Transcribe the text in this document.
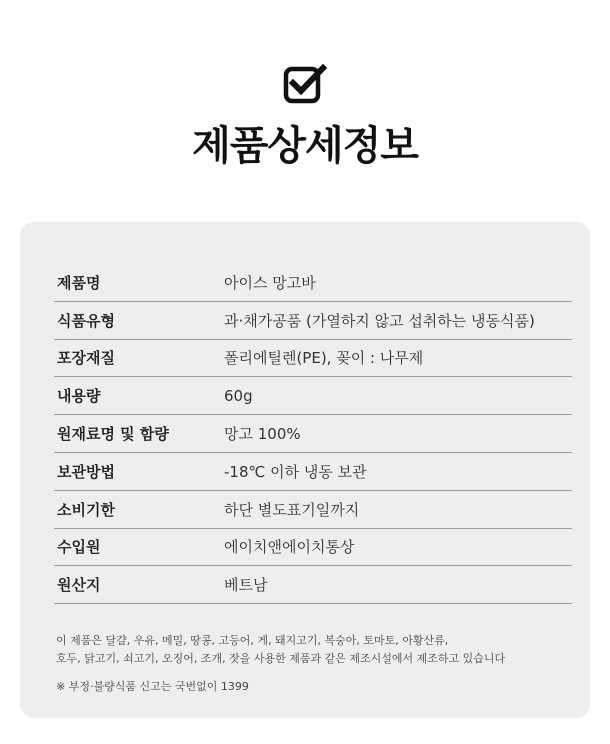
제품상세정보
제품명	아이스 망고바
식품유형	과·채가공품 (가열하지 않고 섭취하는 냉동식품)
포장재질	폴리에틸렌(PE), 꽂이 : 나무제
내용량	60g
원재료명 및 함량	망고 100%
보관방법	-18℃ 이하 냉동 보관
소비기한	하단 별도표기일까지
수입원	에이치앤에이치통상
원산지	베트남
이 제품은 달걀, 우유, 메밀, 땅콩, 고등어, 게, 돼지고기, 복숭아, 토마토, 아황산류,
호두, 닭고기, 쇠고기, 오징어, 조개, 잣을 사용한 제품과 같은 제조시설에서 제조하고 있습니다
※ 부정·불량식품 신고는 국번없이 1399
